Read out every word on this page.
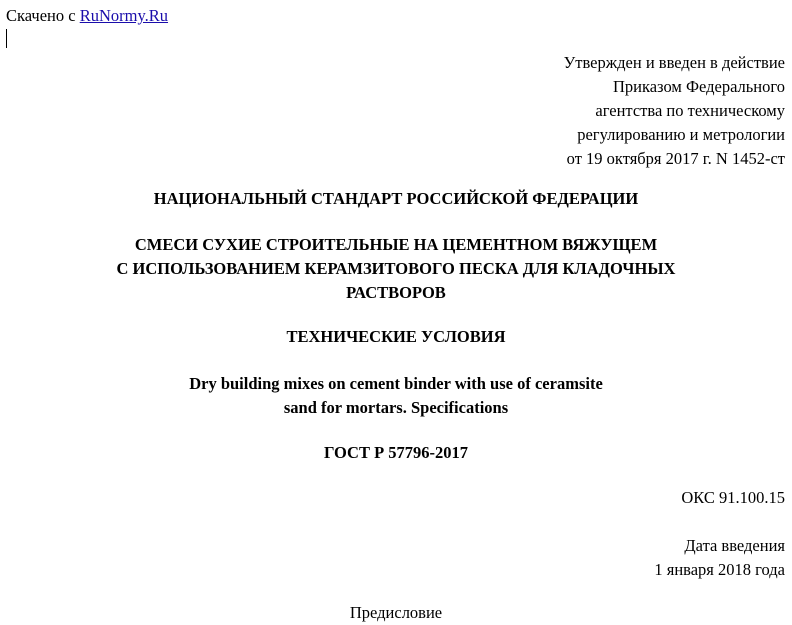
Скачено с RuNormy.Ru
Утвержден и введен в действие
Приказом Федерального
агентства по техническому
регулированию и метрологии
от 19 октября 2017 г. N 1452-ст
НАЦИОНАЛЬНЫЙ СТАНДАРТ РОССИЙСКОЙ ФЕДЕРАЦИИ
СМЕСИ СУХИЕ СТРОИТЕЛЬНЫЕ НА ЦЕМЕНТНОМ ВЯЖУЩЕМ
С ИСПОЛЬЗОВАНИЕМ КЕРАМЗИТОВОГО ПЕСКА ДЛЯ КЛАДОЧНЫХ
РАСТВОРОВ
ТЕХНИЧЕСКИЕ УСЛОВИЯ
Dry building mixes on cement binder with use of ceramsite
sand for mortars. Specifications
ГОСТ Р 57796-2017
ОКС 91.100.15
Дата введения
1 января 2018 года
Предисловие
